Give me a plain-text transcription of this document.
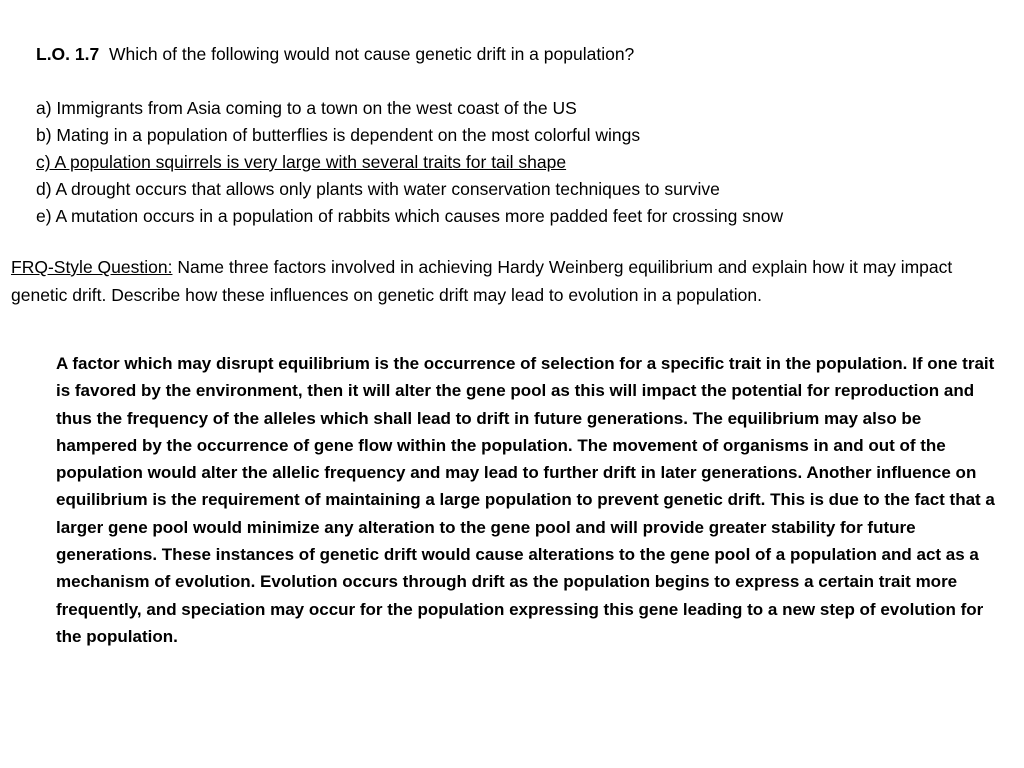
L.O. 1.7 Which of the following would not cause genetic drift in a population?
a) Immigrants from Asia coming to a town on the west coast of the US
b) Mating in a population of butterflies is dependent on the most colorful wings
c) A population squirrels is very large with several traits for tail shape
d) A drought occurs that allows only plants with water conservation techniques to survive
e) A mutation occurs in a population of rabbits which causes more padded feet for crossing snow
FRQ-Style Question: Name three factors involved in achieving Hardy Weinberg equilibrium and explain how it may impact genetic drift. Describe how these influences on genetic drift may lead to evolution in a population.
A factor which may disrupt equilibrium is the occurrence of selection for a specific trait in the population. If one trait is favored by the environment, then it will alter the gene pool as this will impact the potential for reproduction and thus the frequency of the alleles which shall lead to drift in future generations. The equilibrium may also be hampered by the occurrence of gene flow within the population. The movement of organisms in and out of the population would alter the allelic frequency and may lead to further drift in later generations. Another influence on equilibrium is the requirement of maintaining a large population to prevent genetic drift. This is due to the fact that a larger gene pool would minimize any alteration to the gene pool and will provide greater stability for future generations. These instances of genetic drift would cause alterations to the gene pool of a population and act as a mechanism of evolution. Evolution occurs through drift as the population begins to express a certain trait more frequently, and speciation may occur for the population expressing this gene leading to a new step of evolution for the population.
